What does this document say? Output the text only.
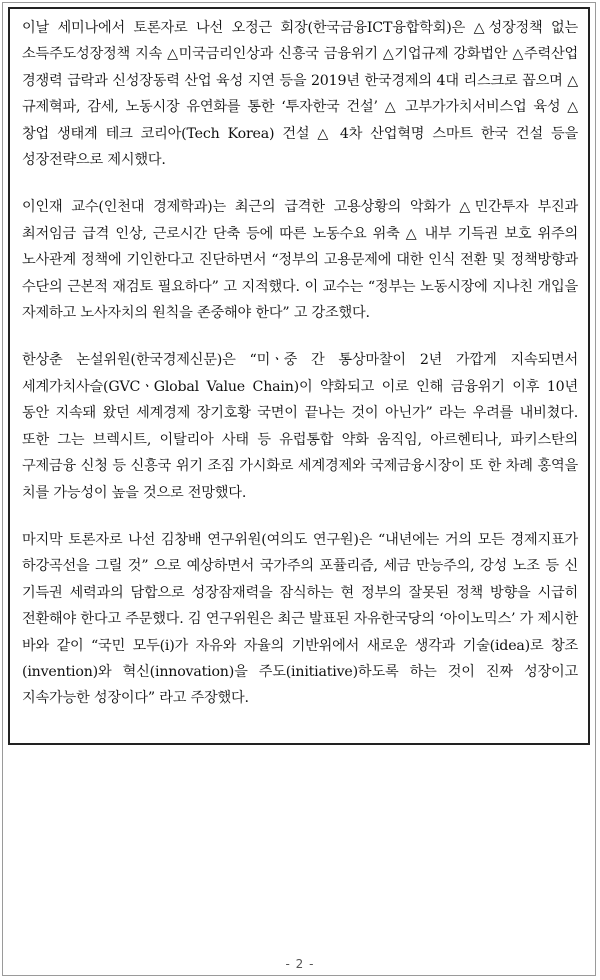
이날 세미나에서 토론자로 나선 오정근 회장(한국금융ICT융합학회)은 △성장정책 없는 소득주도성장정책 지속 △미국금리인상과 신흥국 금융위기 △기업규제 강화법안 △주력산업 경쟁력 급락과 신성장동력 산업 육성 지연 등을 2019년 한국경제의 4대 리스크로 꼽으며 △규제혁파, 감세, 노동시장 유연화를 통한 ‘투자한국 건설’ △ 고부가가치서비스업 육성 △ 창업 생태계 테크 코리아(Tech Korea) 건설 △ 4차 산업혁명 스마트 한국 건설 등을 성장전략으로 제시했다.

이인재 교수(인천대 경제학과)는 최근의 급격한 고용상황의 악화가 △민간투자 부진과 최저임금 급격 인상, 근로시간 단축 등에 따른 노동수요 위축 △ 내부 기득권 보호 위주의 노사관계 정책에 기인한다고 진단하면서 “정부의 고용문제에 대한 인식 전환 및 정책방향과 수단의 근본적 재검토 필요하다” 고 지적했다. 이 교수는 “정부는 노동시장에 지나친 개입을 자제하고 노사자치의 원칙을 존중해야 한다” 고 강조했다.

한상춘 논설위원(한국경제신문)은 “미ㆍ중 간 통상마찰이 2년 가깝게 지속되면서 세계가치사슬(GVCㆍGlobal Value Chain)이 약화되고 이로 인해 금융위기 이후 10년 동안 지속돼 왔던 세계경제 장기호황 국면이 끝나는 것이 아닌가” 라는 우려를 내비쳤다. 또한 그는 브렉시트, 이탈리아 사태 등 유럽통합 약화 움직임, 아르헨티나, 파키스탄의 구제금융 신청 등 신흥국 위기 조짐 가시화로 세계경제와 국제금융시장이 또 한 차례 홍역을 치를 가능성이 높을 것으로 전망했다.

마지막 토론자로 나선 김창배 연구위원(여의도 연구원)은 “내년에는 거의 모든 경제지표가 하강곡선을 그릴 것” 으로 예상하면서 국가주의 포퓰리즘, 세금 만능주의, 강성 노조 등 신 기득권 세력과의 담합으로 성장잠재력을 잠식하는 현 정부의 잘못된 정책 방향을 시급히 전환해야 한다고 주문했다. 김 연구위원은 최근 발표된 자유한국당의 ‘아이노믹스’ 가 제시한 바와 같이 “국민 모두(i)가 자유와 자율의 기반위에서 새로운 생각과 기술(idea)로 창조(invention)와 혁신(innovation)을 주도(initiative)하도록 하는 것이 진짜 성장이고 지속가능한 성장이다” 라고 주장했다.

- 2 -
